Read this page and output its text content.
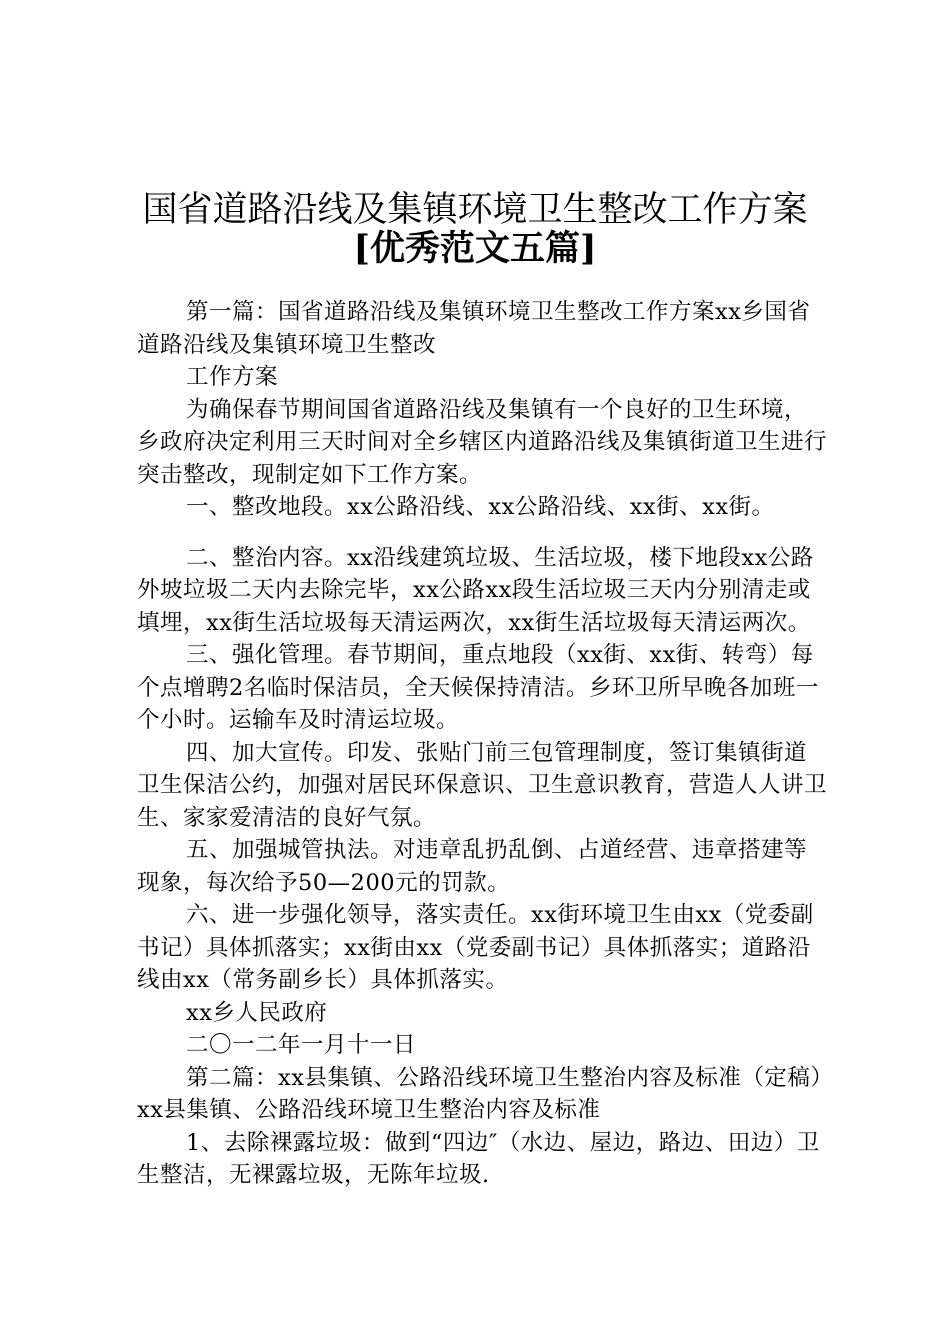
国省道路沿线及集镇环境卫生整改工作方案
[优秀范文五篇]

第一篇：国省道路沿线及集镇环境卫生整改工作方案xx乡国省道路沿线及集镇环境卫生整改

工作方案

为确保春节期间国省道路沿线及集镇有一个良好的卫生环境，乡政府决定利用三天时间对全乡辖区内道路沿线及集镇街道卫生进行突击整改，现制定如下工作方案。

一、整改地段。xx公路沿线、xx公路沿线、xx街、xx街。

二、整治内容。xx沿线建筑垃圾、生活垃圾，楼下地段xx公路外坡垃圾二天内去除完毕，xx公路xx段生活垃圾三天内分别清走或填埋，xx街生活垃圾每天清运两次，xx街生活垃圾每天清运两次。

三、强化管理。春节期间，重点地段（xx街、xx街、转弯）每个点增聘2名临时保洁员，全天候保持清洁。乡环卫所早晚各加班一个小时。运输车及时清运垃圾。

四、加大宣传。印发、张贴门前三包管理制度，签订集镇街道卫生保洁公约，加强对居民环保意识、卫生意识教育，营造人人讲卫生、家家爱清洁的良好气氛。

五、加强城管执法。对违章乱扔乱倒、占道经营、违章搭建等现象，每次给予50—200元的罚款。

六、进一步强化领导，落实责任。xx街环境卫生由xx（党委副书记）具体抓落实；xx街由xx（党委副书记）具体抓落实；道路沿线由xx（常务副乡长）具体抓落实。

xx乡人民政府

二〇一二年一月十一日

第二篇：xx县集镇、公路沿线环境卫生整治内容及标准（定稿）xx县集镇、公路沿线环境卫生整治内容及标准

1、去除裸露垃圾：做到“四边″（水边、屋边，路边、田边）卫生整洁，无裸露垃圾，无陈年垃圾.
